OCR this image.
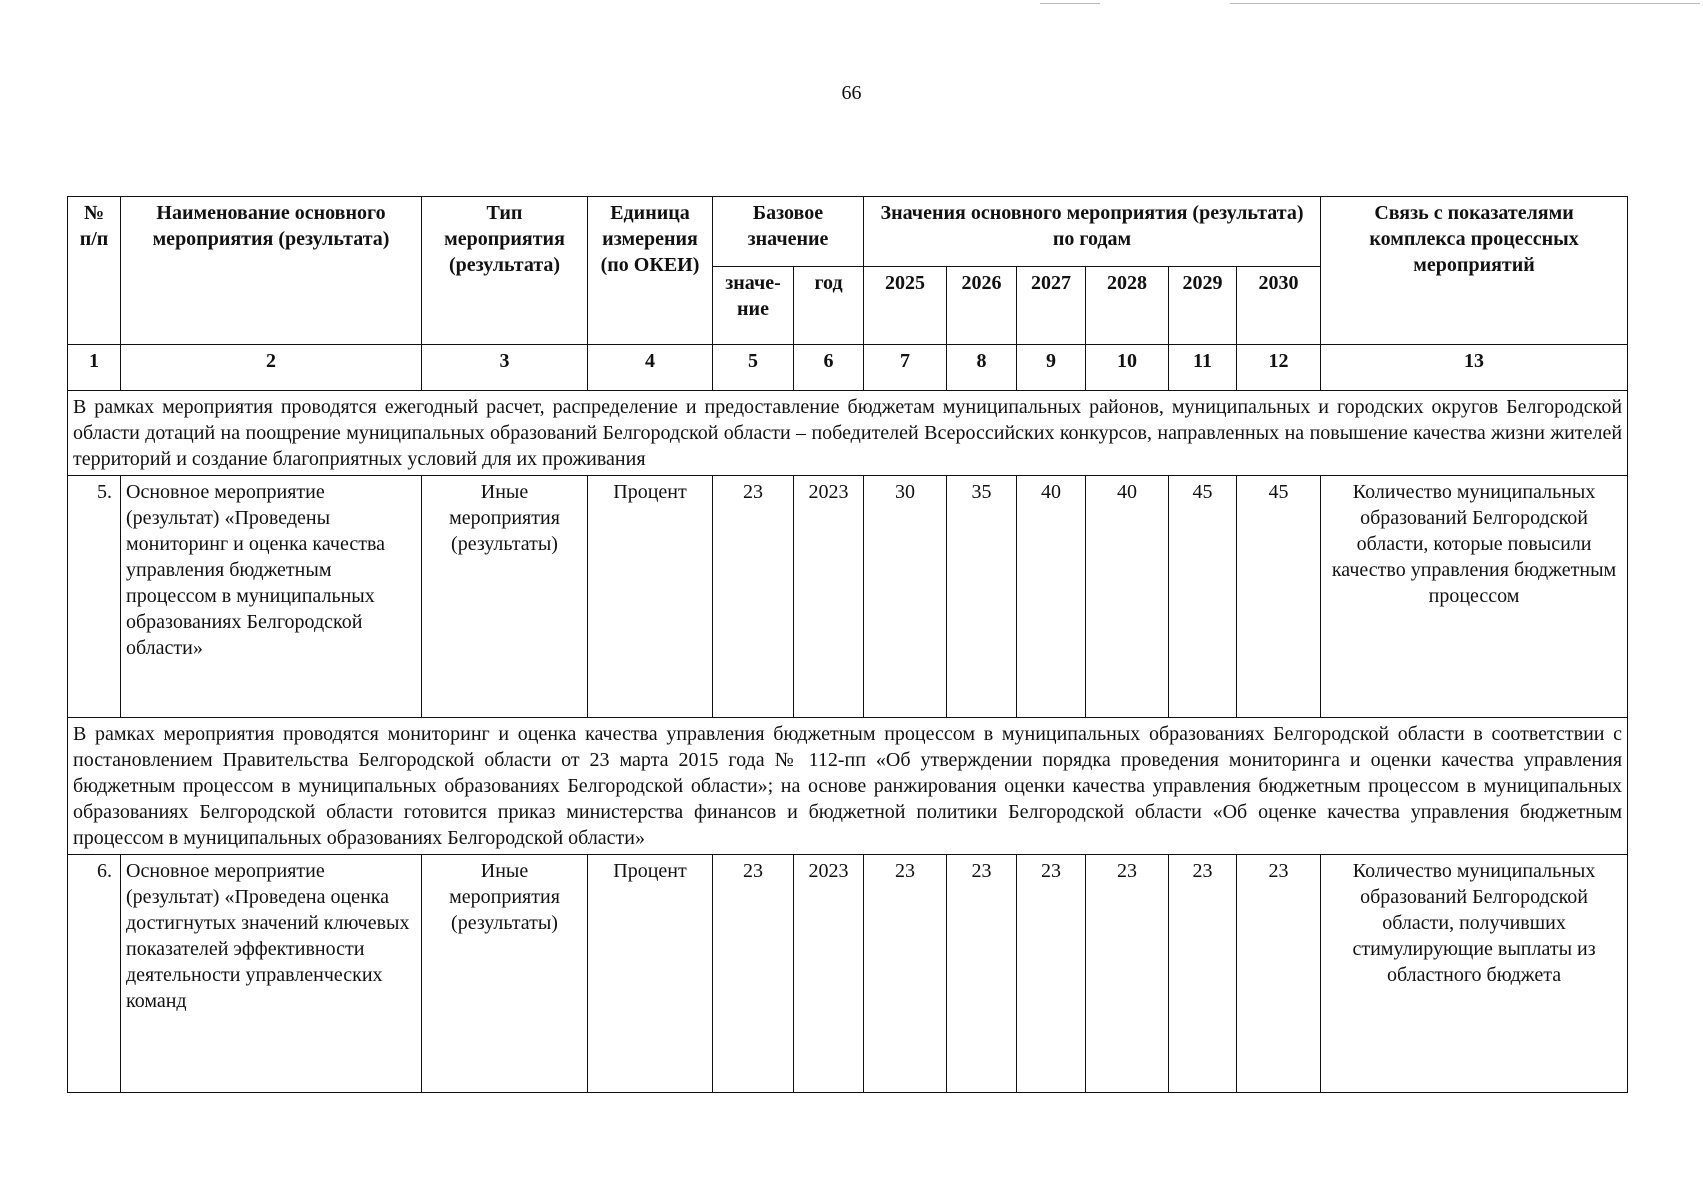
66
№ п/п	Наименование основного мероприятия (результата)	Тип мероприятия (результата)	Единица измерения (по ОКЕИ)	Базовое значение		Значения основного мероприятия (результата) по годам						Связь с показателями комплекса процессных мероприятий
				значе-ние	год	2025	2026	2027	2028	2029	2030	
1	2	3	4	5	6	7	8	9	10	11	12	13
В рамках мероприятия проводятся ежегодный расчет, распределение и предоставление бюджетам муниципальных районов, муниципальных и городских округов Белгородской области дотаций на поощрение муниципальных образований Белгородской области – победителей Всероссийских конкурсов, направленных на повышение качества жизни жителей территорий и создание благоприятных условий для их проживания												
5.	Основное мероприятие (результат) «Проведены мониторинг и оценка качества управления бюджетным процессом в муниципальных образованиях Белгородской области»	Иные мероприятия (результаты)	Процент	23	2023	30	35	40	40	45	45	Количество муниципальных образований Белгородской области, которые повысили качество управления бюджетным процессом
В рамках мероприятия проводятся мониторинг и оценка качества управления бюджетным процессом в муниципальных образованиях Белгородской области в соответствии с постановлением Правительства Белгородской области от 23 марта 2015 года № 112-пп «Об утверждении порядка проведения мониторинга и оценки качества управления бюджетным процессом в муниципальных образованиях Белгородской области»; на основе ранжирования оценки качества управления бюджетным процессом в муниципальных образованиях Белгородской области готовится приказ министерства финансов и бюджетной политики Белгородской области «Об оценке качества управления бюджетным процессом в муниципальных образованиях Белгородской области»												
6.	Основное мероприятие (результат) «Проведена оценка достигнутых значений ключевых показателей эффективности деятельности управленческих команд	Иные мероприятия (результаты)	Процент	23	2023	23	23	23	23	23	23	Количество муниципальных образований Белгородской области, получивших стимулирующие выплаты из областного бюджета
